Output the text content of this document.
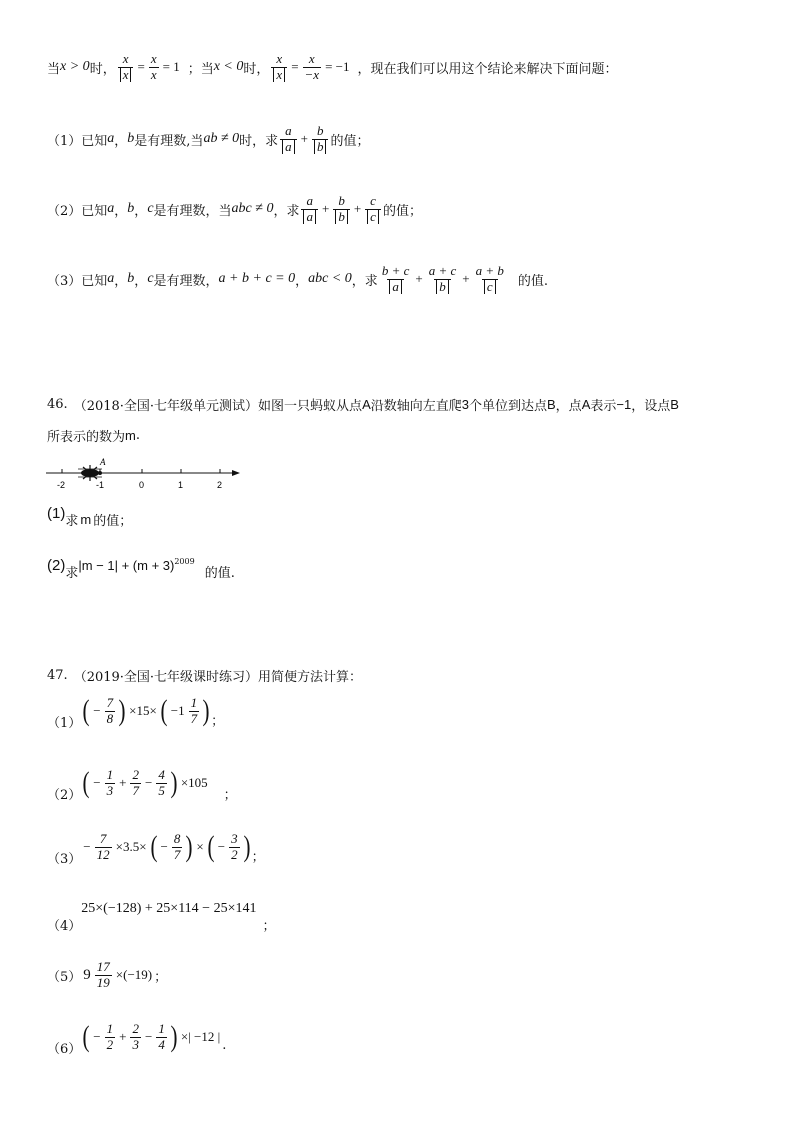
当 x > 0 时， $\frac{x}{x} = \frac{x}{x} = 1$ ；当 x < 0 时， $\frac{x}{x} = \frac{x}{-x} = -1$ ，现在我们可以用这个结论来解决下面问题：
（1）已知 a ， b 是有理数,当 ab ≠ 0 时，求 $\frac{a}{a} + \frac{b}{b}$ 的值；
（2）已知 a ， b ， c 是有理数，当 abc ≠ 0 ，求 $\frac{a}{a} + \frac{b}{b} + \frac{c}{c}$ 的值；
（3）已知 a ， b ， c 是有理数， a + b + c = 0 ， abc < 0 ，求 $\frac{b + c}{a} + \frac{a + c}{b} + \frac{a + b}{c}$ 的值.
46. （2018·全国·七年级单元测试） 如图一只蚂蚁从点 A 沿数轴向左直爬 3 个单位到达点 B ，点 A 表示 −1 ，设点 B
所表示的数为 m .
A
-2	-1	0	1	2
(1) 求 m 的值；
(2) 求
|m − 1| + (m + 3) 2009
的值.
47. （2019·全国·七年级课时练习） 用简便方法计算：
（1） ( − $\frac{7}{8}$ ) ×15× ( $-1 \frac{1}{7}$ ) ；
（2） ( − $\frac{1}{3} + \frac{2}{7} - \frac{4}{5}$ ) ×105
；
（3）
− $\frac{7}{12} \times 3.5\times$ ( − $\frac{8}{7}$ ) × ( − $\frac{3}{2}$ ) ；
（4）
25×(−128) + 25×114 − 25×141
；
（5） $9 \frac{17}{19} \times(-19)$ ；
（6） ( − $\frac{1}{2} + \frac{2}{3} - \frac{1}{4}$ ) ×| −12 |
.
